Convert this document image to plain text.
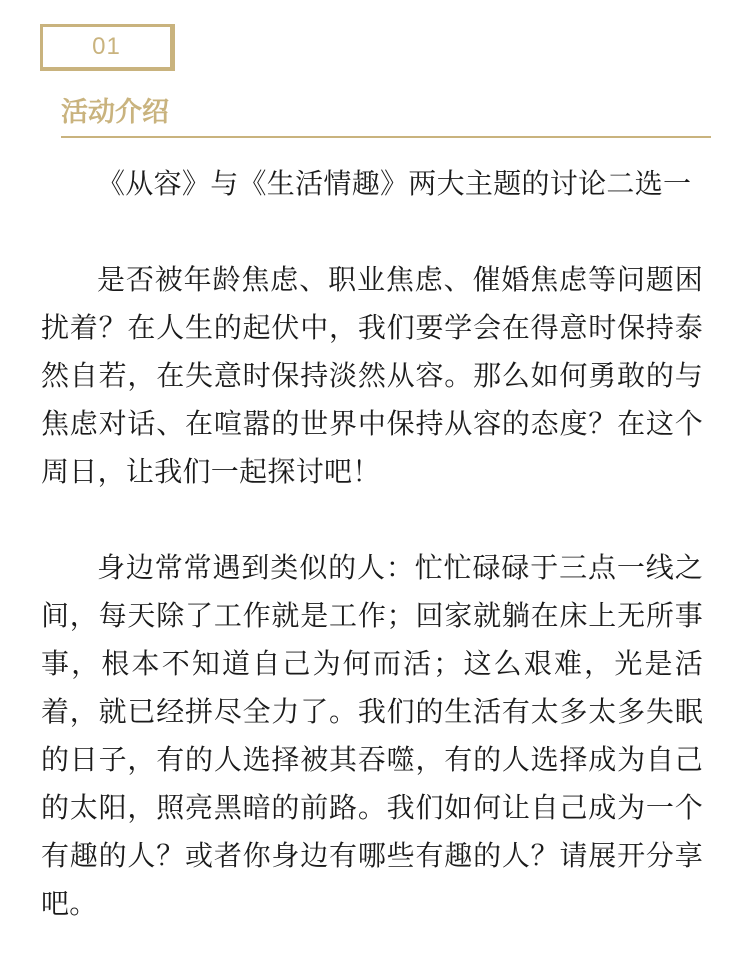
01
活动介绍

《从容》与《生活情趣》两大主题的讨论二选一

是否被年龄焦虑、职业焦虑、催婚焦虑等问题困扰着？在人生的起伏中，我们要学会在得意时保持泰然自若，在失意时保持淡然从容。那么如何勇敢的与焦虑对话、在喧嚣的世界中保持从容的态度？在这个周日，让我们一起探讨吧！

身边常常遇到类似的人：忙忙碌碌于三点一线之间，每天除了工作就是工作；回家就躺在床上无所事事，根本不知道自己为何而活；这么艰难，光是活着，就已经拼尽全力了。我们的生活有太多太多失眠的日子，有的人选择被其吞噬，有的人选择成为自己的太阳，照亮黑暗的前路。我们如何让自己成为一个有趣的人？或者你身边有哪些有趣的人？请展开分享吧。
